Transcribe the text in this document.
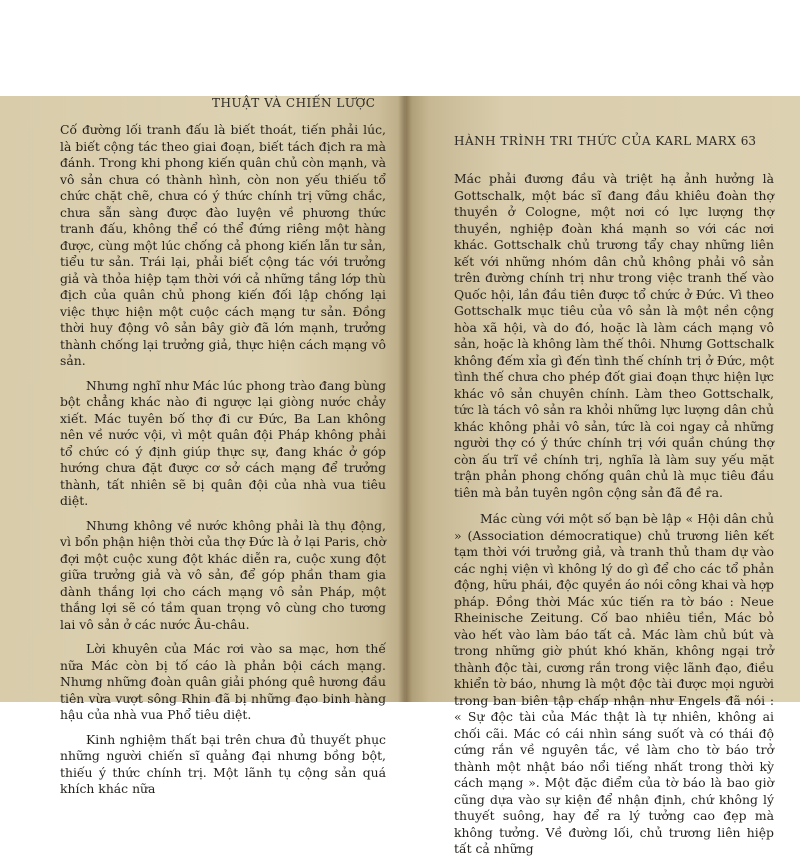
THUẬT VÀ CHIẾN LƯỢC

Cố đường lối tranh đấu là biết thoát, tiến phải lúc, là biết cộng tác theo giai đoạn, biết tách địch ra mà đánh. Trong khi phong kiến quân chủ còn mạnh, và vô sản chưa có thành hình, còn non yếu thiếu tổ chức chặt chẽ, chưa có ý thức chính trị vững chắc, chưa sẵn sàng được đào luyện về phương thức tranh đấu, không thể có thể đứng riêng một hàng được, cùng một lúc chống cả phong kiến lẫn tư sản, tiểu tư sản. Trái lại, phải biết cộng tác với trưởng giả và thỏa hiệp tạm thời với cả những tầng lớp thù địch của quân chủ phong kiến đối lập chống lại việc thực hiện một cuộc cách mạng tư sản. Đồng thời huy động vô sản bây giờ đã lớn mạnh, trưởng thành chống lại trưởng giả, thực hiện cách mạng vô sản.

Nhưng nghĩ như Mác lúc phong trào đang bùng bột chẳng khác nào đi ngược lại giòng nước chảy xiết. Mác tuyên bố thợ đi cư Đức, Ba Lan không nên về nước vội, vì một quân đội Pháp không phải tổ chức có ý định giúp thực sự, đang khác ở góp hướng chưa đặt được cơ sở cách mạng để trưởng thành, tất nhiên sẽ bị quân đội của nhà vua tiêu diệt.

Nhưng không về nước không phải là thụ động, vì bổn phận hiện thời của thợ Đức là ở lại Paris, chờ đợi một cuộc xung đột khác diễn ra, cuộc xung đột giữa trưởng giả và vô sản, để góp phần tham gia dành thắng lợi cho cách mạng vô sản Pháp, một thắng lợi sẽ có tầm quan trọng vô cùng cho tương lai vô sản ở các nước Âu-châu.

Lời khuyên của Mác rơi vào sa mạc, hơn thế nữa Mác còn bị tố cáo là phản bội cách mạng. Nhưng những đoàn quân giải phóng quê hương đầu tiên vừa vượt sông Rhin đã bị những đạo binh hàng hậu của nhà vua Phổ tiêu diệt.

Kinh nghiệm thất bại trên chưa đủ thuyết phục những người chiến sĩ quảng đại nhưng bồng bột, thiếu ý thức chính trị. Một lãnh tụ cộng sản quá khích khác nữa

HÀNH TRÌNH TRI THỨC CỦA KARL MARX 63

Mác phải đương đầu và triệt hạ ảnh hưởng là Gottschalk, một bác sĩ đang đầu khiêu đoàn thợ thuyền ở Cologne, một nơi có lực lượng thợ thuyền, nghiệp đoàn khá mạnh so với các nơi khác. Gottschalk chủ trương tẩy chay những liên kết với những nhóm dân chủ không phải vô sản trên đường chính trị như trong việc tranh thế vào Quốc hội, lần đầu tiên được tổ chức ở Đức. Vì theo Gottschalk mục tiêu của vô sản là một nền cộng hòa xã hội, và do đó, hoặc là làm cách mạng vô sản, hoặc là không làm thế thôi. Nhưng Gottschalk không đếm xỉa gì đến tình thế chính trị ở Đức, một tình thế chưa cho phép đốt giai đoạn thực hiện lực khác vô sản chuyên chính. Làm theo Gottschalk, tức là tách vô sản ra khỏi những lực lượng dân chủ khác không phải vô sản, tức là coi ngay cả những người thợ có ý thức chính trị với quần chúng thợ còn ấu trĩ về chính trị, nghĩa là làm suy yếu mặt trận phản phong chống quân chủ là mục tiêu đầu tiên mà bản tuyên ngôn cộng sản đã đề ra.

Mác cùng với một số bạn bè lập « Hội dân chủ » (Association démocratique) chủ trương liên kết tạm thời với trưởng giả, và tranh thủ tham dự vào các nghị viện vì không lý do gì để cho các tổ phản động, hữu phái, độc quyền áo nói công khai và hợp pháp. Đồng thời Mác xúc tiến ra tờ báo : Neue Rheinische Zeitung. Cố bao nhiêu tiền, Mác bỏ vào hết vào làm báo tất cả. Mác làm chủ bút và trong những giờ phút khó khăn, không ngại trở thành độc tài, cương rắn trong việc lãnh đạo, điều khiển tờ báo, nhưng là một độc tài được mọi người trong ban biên tập chấp nhận như Engels đã nói : « Sự độc tài của Mác thật là tự nhiên, không ai chối cãi. Mác có cái nhìn sáng suốt và có thái độ cứng rắn về nguyên tắc, về làm cho tờ báo trở thành một nhật báo nổi tiếng nhất trong thời kỳ cách mạng ». Một đặc điểm của tờ báo là bao giờ cũng dựa vào sự kiện để nhận định, chứ không lý thuyết suông, hay để ra lý tưởng cao đẹp mà không tưởng. Về đường lối, chủ trương liên hiệp tất cả những
